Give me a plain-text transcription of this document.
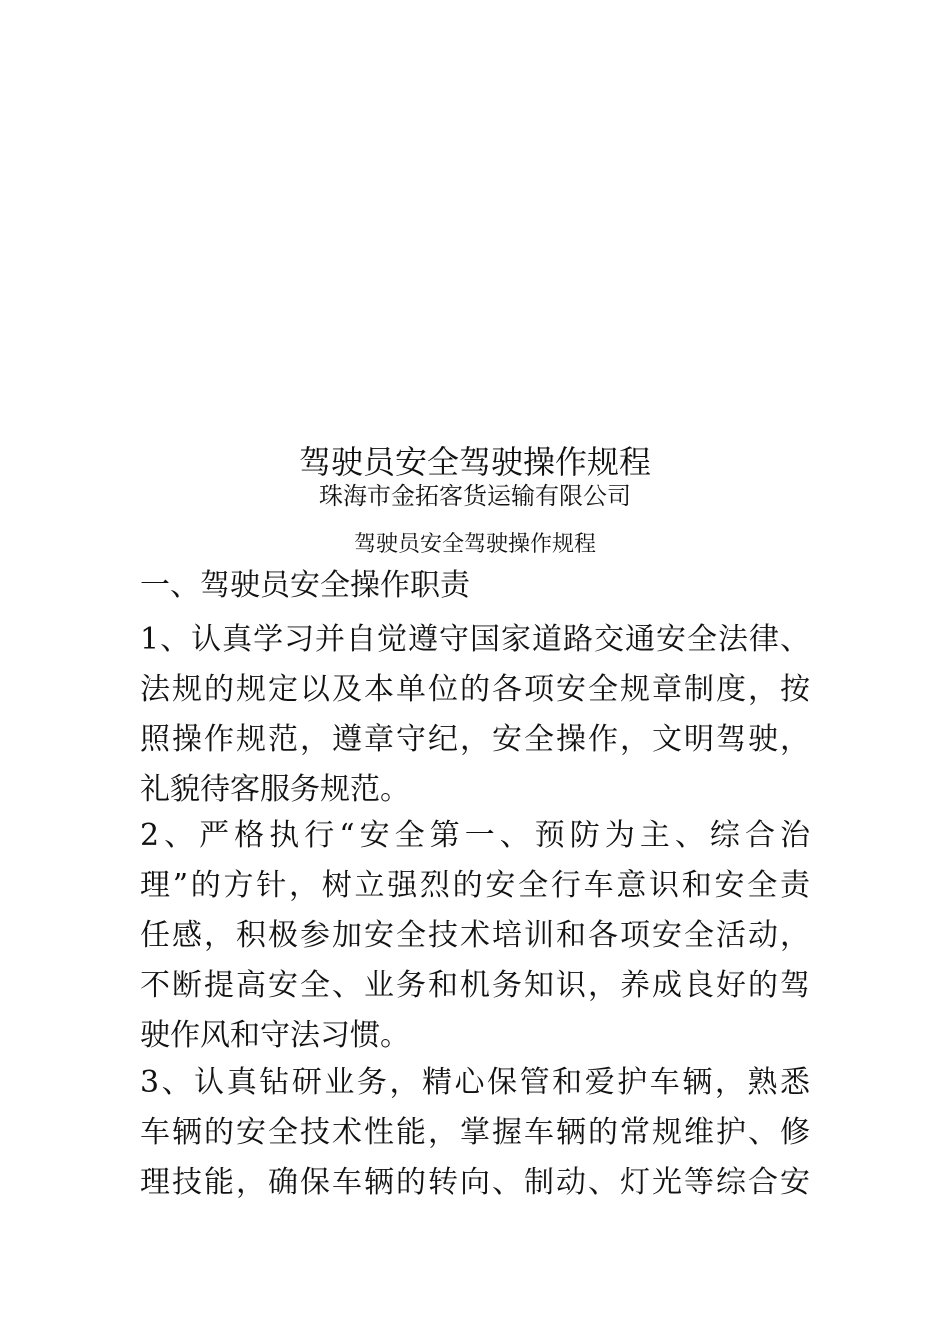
驾驶员安全驾驶操作规程
珠海市金拓客货运输有限公司
驾驶员安全驾驶操作规程
一、驾驶员安全操作职责
1、认真学习并自觉遵守国家道路交通安全法律、
法规的规定以及本单位的各项安全规章制度，按
照操作规范，遵章守纪，安全操作，文明驾驶，
礼貌待客服务规范。
2、严格执行“安全第一、预防为主、综合治
理”的方针，树立强烈的安全行车意识和安全责
任感，积极参加安全技术培训和各项安全活动，
不断提高安全、业务和机务知识，养成良好的驾
驶作风和守法习惯。
3、认真钻研业务，精心保管和爱护车辆，熟悉
车辆的安全技术性能，掌握车辆的常规维护、修
理技能，确保车辆的转向、制动、灯光等综合安
